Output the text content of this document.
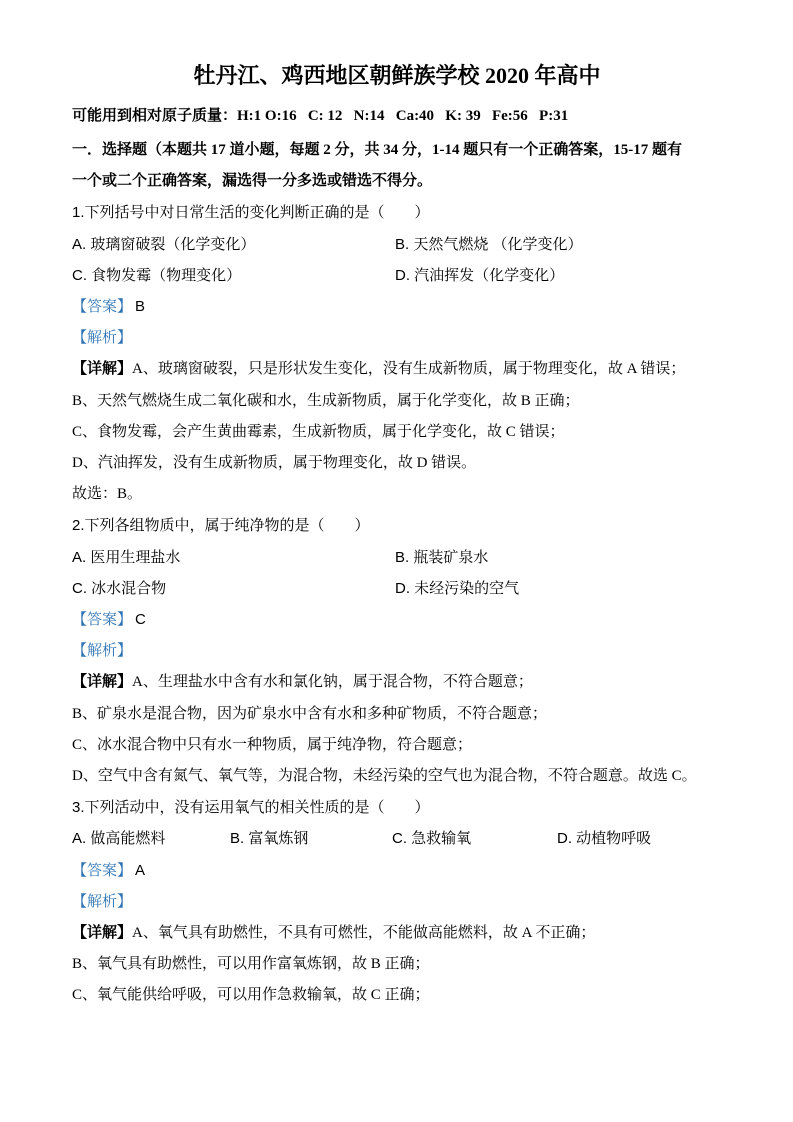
牡丹江、鸡西地区朝鲜族学校 2020 年高中

可能用到相对原子质量：H:1 O:16   C: 12   N:14   Ca:40   K: 39   Fe:56   P:31

一．选择题（本题共 17 道小题，每题 2 分，共 34 分，1-14 题只有一个正确答案，15-17 题有

一个或二个正确答案，漏选得一分多选或错选不得分。

1.下列括号中对日常生活的变化判断正确的是（　　）

A. 玻璃窗破裂（化学变化）	B. 天然气燃烧 （化学变化）
C. 食物发霉（物理变化）	D. 汽油挥发（化学变化）

【答案】 B

【解析】

【详解】A、玻璃窗破裂，只是形状发生变化，没有生成新物质，属于物理变化，故 A 错误；

B、天然气燃烧生成二氧化碳和水，生成新物质，属于化学变化，故 B 正确；

C、食物发霉，会产生黄曲霉素，生成新物质，属于化学变化，故 C 错误；

D、汽油挥发，没有生成新物质，属于物理变化，故 D 错误。

故选：B。

2.下列各组物质中，属于纯净物的是（　　）

A. 医用生理盐水	B. 瓶装矿泉水
C. 冰水混合物	D. 未经污染的空气

【答案】 C

【解析】

【详解】A、生理盐水中含有水和氯化钠，属于混合物，不符合题意；

B、矿泉水是混合物，因为矿泉水中含有水和多种矿物质，不符合题意；

C、冰水混合物中只有水一种物质，属于纯净物，符合题意；

D、空气中含有氮气、氧气等，为混合物，未经污染的空气也为混合物，不符合题意。故选 C。

3.下列活动中，没有运用氧气的相关性质的是（　　）

A. 做高能燃料	B. 富氧炼钢	C. 急救输氧	D. 动植物呼吸

【答案】 A

【解析】

【详解】A、氧气具有助燃性，不具有可燃性，不能做高能燃料，故 A 不正确；

B、氧气具有助燃性，可以用作富氧炼钢，故 B 正确；

C、氧气能供给呼吸，可以用作急救输氧，故 C 正确；
